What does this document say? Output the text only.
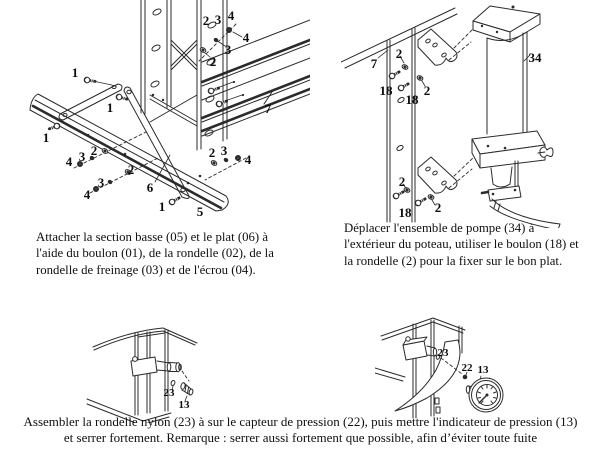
1
2 3 4
4
3
2
1	7
1
4 3 2
2
3
4
2 3
4
6
1 5
7
2
18 2
18
34
2
18 2
23
13
23
22 13

Attacher la section basse (05) et le plat (06) à l'aide du boulon (01), de la rondelle (02), de la rondelle de freinage (03) et de l'écrou (04).

Déplacer l'ensemble de pompe (34) à l'extérieur du poteau, utiliser le boulon (18) et la rondelle (2) pour la fixer sur le bon plat.

Assembler la rondelle nylon (23) à sur le capteur de pression (22), puis mettre l'indicateur de pression (13)
et serrer fortement. Remarque : serrer aussi fortement que possible, afin d’éviter toute fuite
